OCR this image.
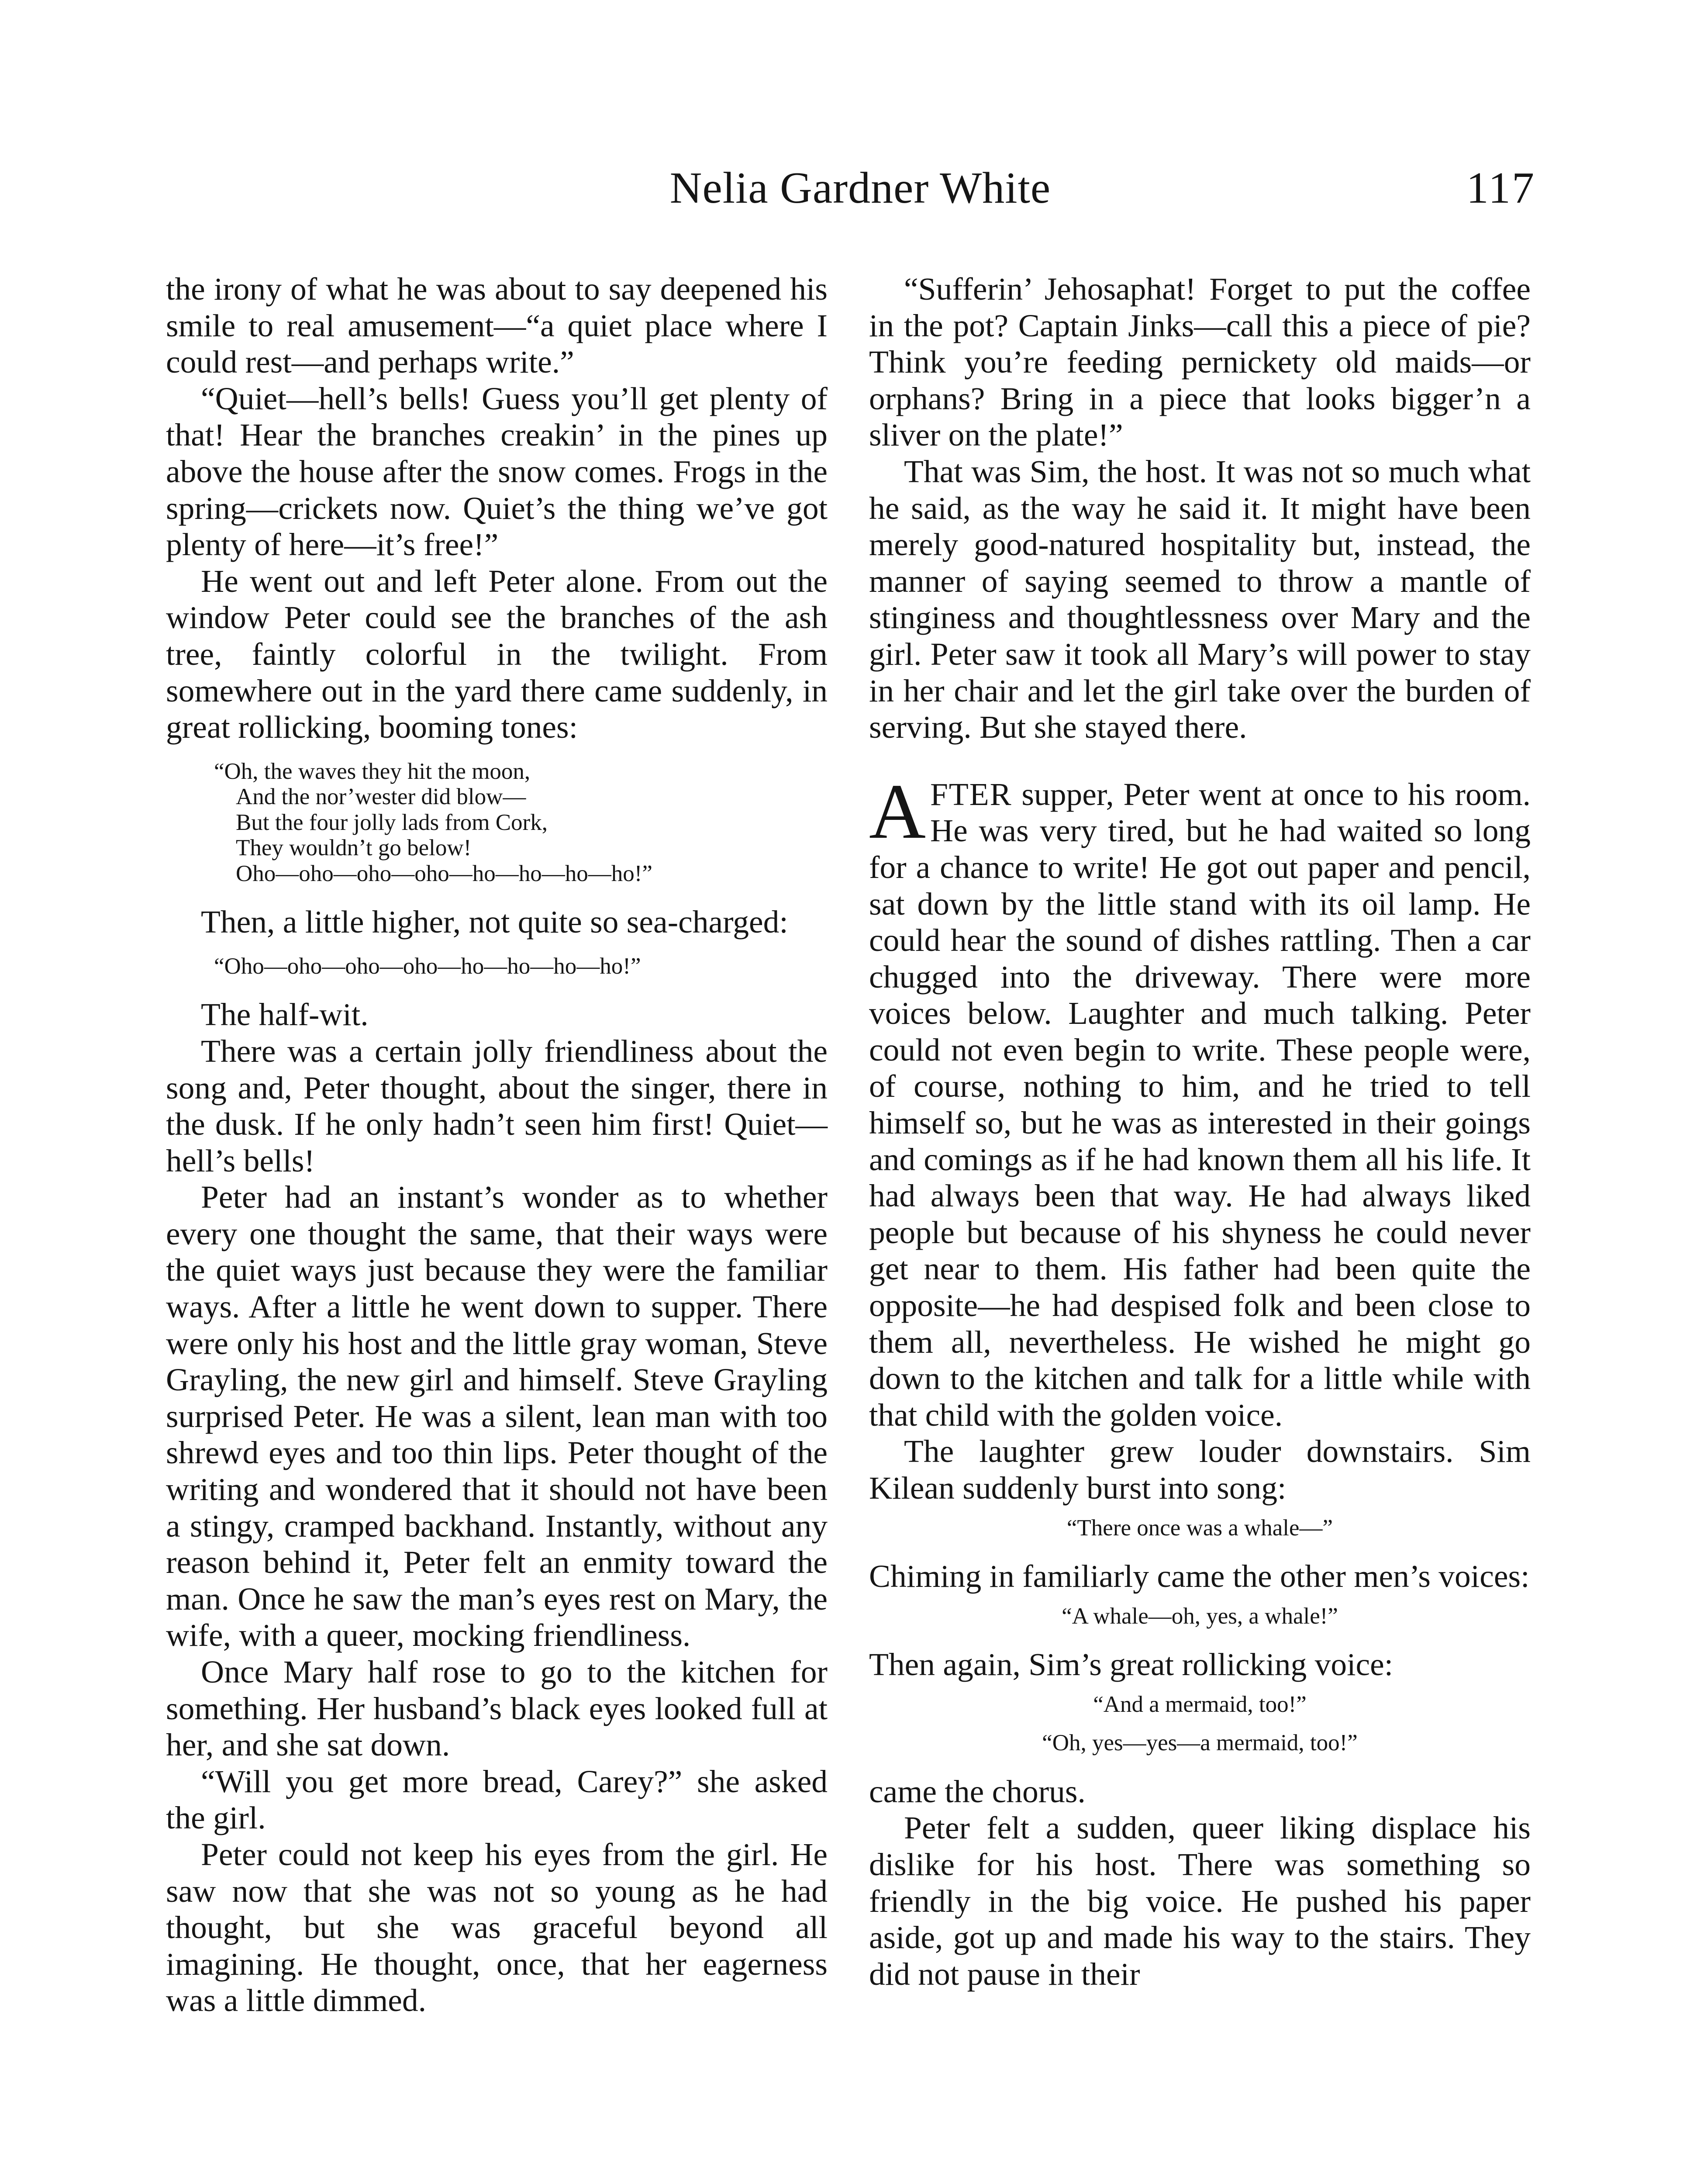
Nelia Gardner White	117

the irony of what he was about to say deepened his smile to real amusement—“a quiet place where I could rest—and perhaps write.”

“Quiet—hell’s bells! Guess you’ll get plenty of that! Hear the branches creakin’ in the pines up above the house after the snow comes. Frogs in the spring—crickets now. Quiet’s the thing we’ve got plenty of here—it’s free!”

He went out and left Peter alone. From out the window Peter could see the branches of the ash tree, faintly colorful in the twilight. From somewhere out in the yard there came suddenly, in great rollicking, booming tones:

“Oh, the waves they hit the moon,
And the nor’wester did blow—
But the four jolly lads from Cork,
They wouldn’t go below!
Oho—oho—oho—oho—ho—ho—ho—ho!”

Then, a little higher, not quite so sea-charged:

“Oho—oho—oho—oho—ho—ho—ho—ho!”

The half-wit.

There was a certain jolly friendliness about the song and, Peter thought, about the singer, there in the dusk. If he only hadn’t seen him first! Quiet—hell’s bells!

Peter had an instant’s wonder as to whether every one thought the same, that their ways were the quiet ways just because they were the familiar ways. After a little he went down to supper. There were only his host and the little gray woman, Steve Grayling, the new girl and himself. Steve Grayling surprised Peter. He was a silent, lean man with too shrewd eyes and too thin lips. Peter thought of the writing and wondered that it should not have been a stingy, cramped backhand. Instantly, without any reason behind it, Peter felt an enmity toward the man. Once he saw the man’s eyes rest on Mary, the wife, with a queer, mocking friendliness.

Once Mary half rose to go to the kitchen for something. Her husband’s black eyes looked full at her, and she sat down.

“Will you get more bread, Carey?” she asked the girl.

Peter could not keep his eyes from the girl. He saw now that she was not so young as he had thought, but she was graceful beyond all imagining. He thought, once, that her eagerness was a little dimmed.

“Sufferin’ Jehosaphat! Forget to put the coffee in the pot? Captain Jinks—call this a piece of pie? Think you’re feeding pernickety old maids—or orphans? Bring in a piece that looks bigger’n a sliver on the plate!”

That was Sim, the host. It was not so much what he said, as the way he said it. It might have been merely good-natured hospitality but, instead, the manner of saying seemed to throw a mantle of stinginess and thoughtlessness over Mary and the girl. Peter saw it took all Mary’s will power to stay in her chair and let the girl take over the burden of serving. But she stayed there.

AFTER supper, Peter went at once to his room. He was very tired, but he had waited so long for a chance to write! He got out paper and pencil, sat down by the little stand with its oil lamp. He could hear the sound of dishes rattling. Then a car chugged into the driveway. There were more voices below. Laughter and much talking. Peter could not even begin to write. These people were, of course, nothing to him, and he tried to tell himself so, but he was as interested in their goings and comings as if he had known them all his life. It had always been that way. He had always liked people but because of his shyness he could never get near to them. His father had been quite the opposite—he had despised folk and been close to them all, nevertheless. He wished he might go down to the kitchen and talk for a little while with that child with the golden voice.

The laughter grew louder downstairs. Sim Kilean suddenly burst into song:

“There once was a whale—”

Chiming in familiarly came the other men’s voices:

“A whale—oh, yes, a whale!”

Then again, Sim’s great rollicking voice:

“And a mermaid, too!”
“Oh, yes—yes—a mermaid, too!”

came the chorus.

Peter felt a sudden, queer liking displace his dislike for his host. There was something so friendly in the big voice. He pushed his paper aside, got up and made his way to the stairs. They did not pause in their
